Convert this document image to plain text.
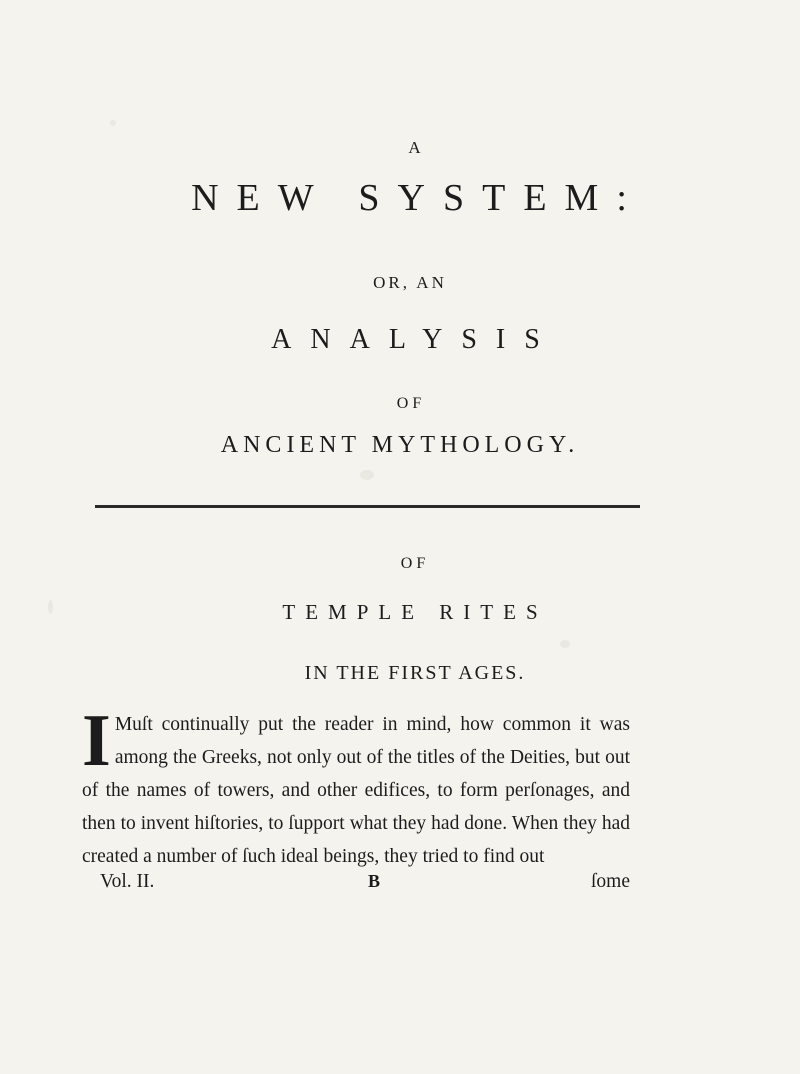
A
NEW SYSTEM:
OR, AN
ANALYSIS
OF
ANCIENT MYTHOLOGY.
OF
TEMPLE RITES
IN THE FIRST AGES.
I Muſt continually put the reader in mind, how common it was among the Greeks, not only out of the titles of the Deities, but out of the names of towers, and other edifices, to form perſonages, and then to invent hiſtories, to ſupport what they had done. When they had created a number of ſuch ideal beings, they tried to find out
Vol. II.	B	ſome
